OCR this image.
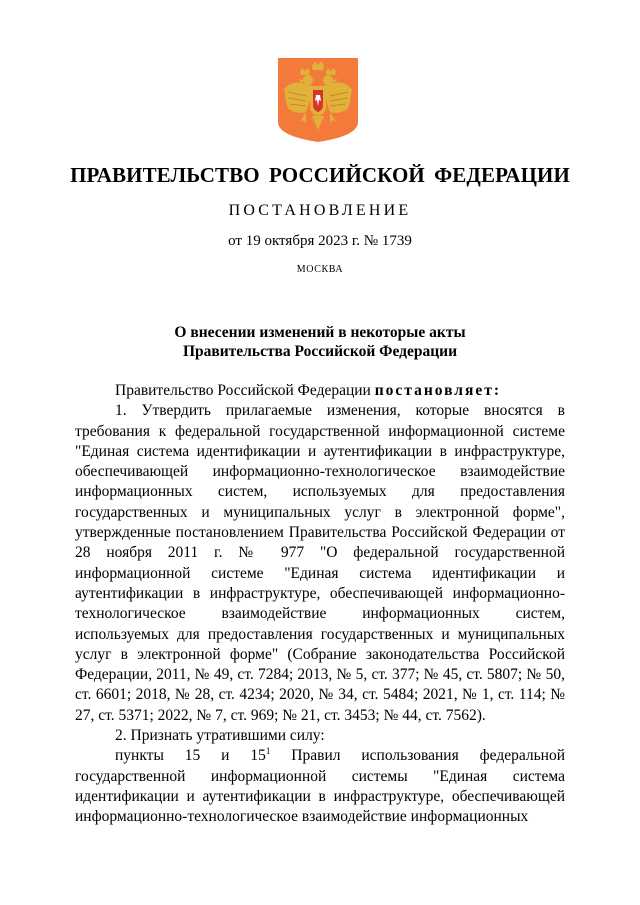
ПРАВИТЕЛЬСТВО РОССИЙСКОЙ ФЕДЕРАЦИИ
ПОСТАНОВЛЕНИЕ
от 19 октября 2023 г. № 1739
МОСКВА
О внесении изменений в некоторые акты
Правительства Российской Федерации

Правительство Российской Федерации постановляет:

1. Утвердить прилагаемые изменения, которые вносятся в требования к федеральной государственной информационной системе "Единая система идентификации и аутентификации в инфраструктуре, обеспечивающей информационно-технологическое взаимодействие информационных систем, используемых для предоставления государственных и муниципальных услуг в электронной форме", утвержденные постановлением Правительства Российской Федерации от 28 ноября 2011 г. № 977 "О федеральной государственной информационной системе "Единая система идентификации и аутентификации в инфраструктуре, обеспечивающей информационно-технологическое взаимодействие информационных систем, используемых для предоставления государственных и муниципальных услуг в электронной форме" (Собрание законодательства Российской Федерации, 2011, № 49, ст. 7284; 2013, № 5, ст. 377; № 45, ст. 5807; № 50, ст. 6601; 2018, № 28, ст. 4234; 2020, № 34, ст. 5484; 2021, № 1, ст. 114; № 27, ст. 5371; 2022, № 7, ст. 969; № 21, ст. 3453; № 44, ст. 7562).

2. Признать утратившими силу:

пункты 15 и $15^1$ Правил использования федеральной государственной информационной системы "Единая система идентификации и аутентификации в инфраструктуре, обеспечивающей информационно-технологическое взаимодействие информационных
